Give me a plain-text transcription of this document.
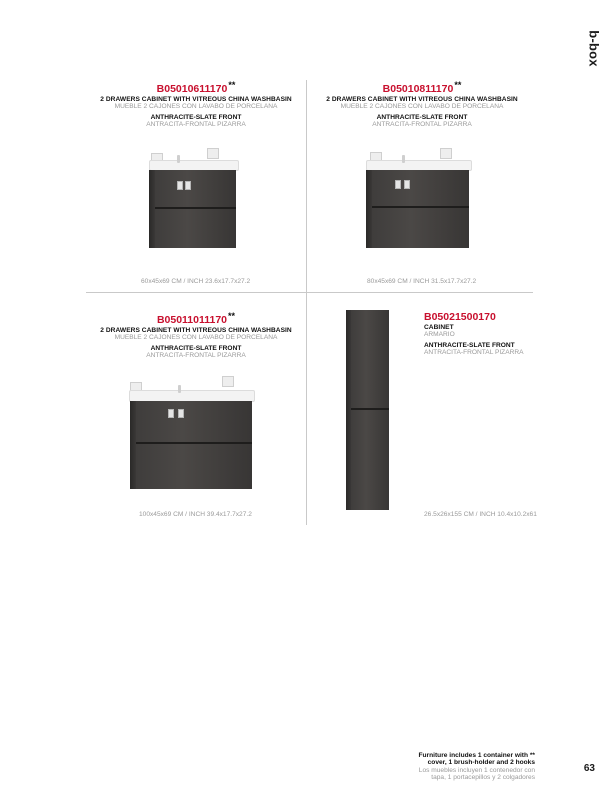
b-box
B05010611170**
2 DRAWERS CABINET WITH VITREOUS CHINA WASHBASIN
MUEBLE 2 CAJONES CON LAVABO DE PORCELANA
ANTHRACITE-SLATE FRONT
ANTRACITA-FRONTAL PIZARRA
60x45x69 CM / INCH 23.6x17.7x27.2
B05010811170**
2 DRAWERS CABINET WITH VITREOUS CHINA WASHBASIN
MUEBLE 2 CAJONES CON LAVABO DE PORCELANA
ANTHRACITE-SLATE FRONT
ANTRACITA-FRONTAL PIZARRA
80x45x69 CM / INCH 31.5x17.7x27.2
B05011011170**
2 DRAWERS CABINET WITH VITREOUS CHINA WASHBASIN
MUEBLE 2 CAJONES CON LAVABO DE PORCELANA
ANTHRACITE-SLATE FRONT
ANTRACITA-FRONTAL PIZARRA
100x45x69 CM / INCH 39.4x17.7x27.2
B05021500170
CABINET
ARMARIO
ANTHRACITE-SLATE FRONT
ANTRACITA-FRONTAL PIZARRA
26.5x26x155 CM / INCH 10.4x10.2x61
Furniture includes 1 container with **
cover, 1 brush-holder and 2 hooks
Los muebles incluyen 1 contenedor con
tapa, 1 portacepillos y 2 colgadores
63
